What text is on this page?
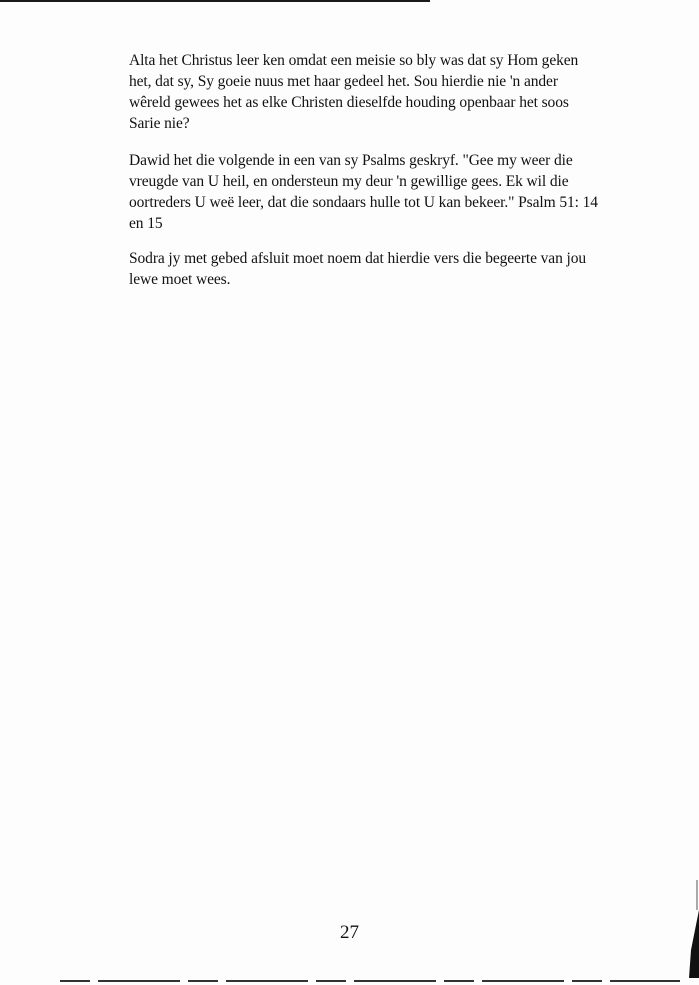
Alta het Christus leer ken omdat een meisie so bly was dat sy Hom geken het, dat sy, Sy goeie nuus met haar gedeel het. Sou hierdie nie 'n ander wêreld gewees het as elke Christen dieselfde houding openbaar het soos Sarie nie?

Dawid het die volgende in een van sy Psalms geskryf. "Gee my weer die vreugde van U heil, en ondersteun my deur 'n gewillige gees. Ek wil die oortreders U weë leer, dat die sondaars hulle tot U kan bekeer." Psalm 51: 14 en 15

Sodra jy met gebed afsluit moet noem dat hierdie vers die begeerte van jou lewe moet wees.

27
